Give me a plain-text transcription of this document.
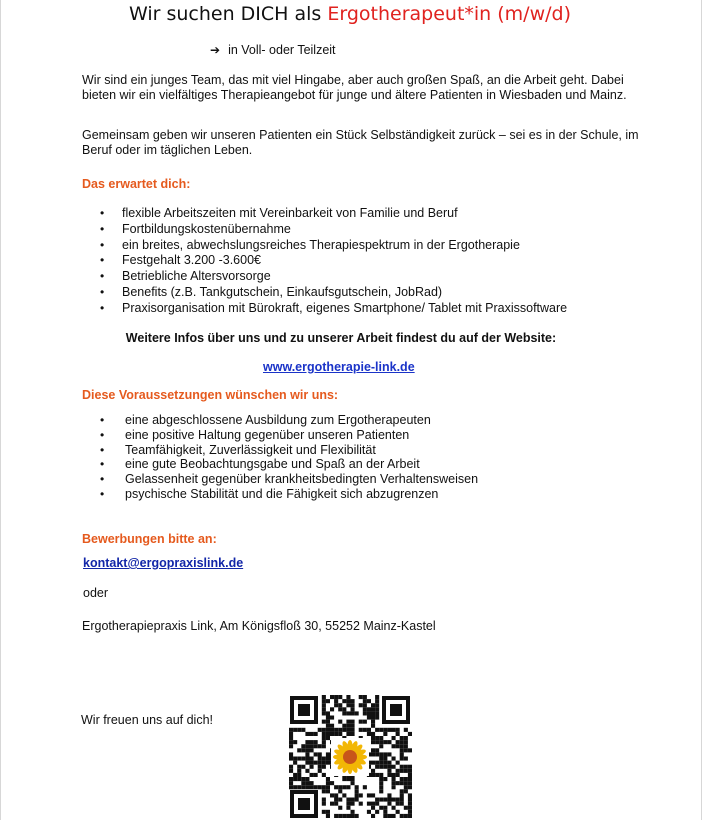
Wir suchen DICH als Ergotherapeut*in (m/w/d)
➔ in Voll- oder Teilzeit

Wir sind ein junges Team, das mit viel Hingabe, aber auch großen Spaß, an die Arbeit geht. Dabei bieten wir ein vielfältiges Therapieangebot für junge und ältere Patienten in Wiesbaden und Mainz.

Gemeinsam geben wir unseren Patienten ein Stück Selbständigkeit zurück – sei es in der Schule, im Beruf oder im täglichen Leben.

Das erwartet dich:

• flexible Arbeitszeiten mit Vereinbarkeit von Familie und Beruf
• Fortbildungskostenübernahme
• ein breites, abwechslungsreiches Therapiespektrum in der Ergotherapie
• Festgehalt 3.200 -3.600€
• Betriebliche Altersvorsorge
• Benefits (z.B. Tankgutschein, Einkaufsgutschein, JobRad)
• Praxisorganisation mit Bürokraft, eigenes Smartphone/ Tablet mit Praxissoftware
Weitere Infos über uns und zu unserer Arbeit findest du auf der Website:
www.ergotherapie-link.de

Diese Voraussetzungen wünschen wir uns:

• eine abgeschlossene Ausbildung zum Ergotherapeuten
• eine positive Haltung gegenüber unseren Patienten
• Teamfähigkeit, Zuverlässigkeit und Flexibilität
• eine gute Beobachtungsgabe und Spaß an der Arbeit
• Gelassenheit gegenüber krankheitsbedingten Verhaltensweisen
• psychische Stabilität und die Fähigkeit sich abzugrenzen

Bewerbungen bitte an:

kontakt@ergopraxislink.de
oder
Ergotherapiepraxis Link, Am Königsfloß 30, 55252 Mainz-Kastel
Wir freuen uns auf dich!
